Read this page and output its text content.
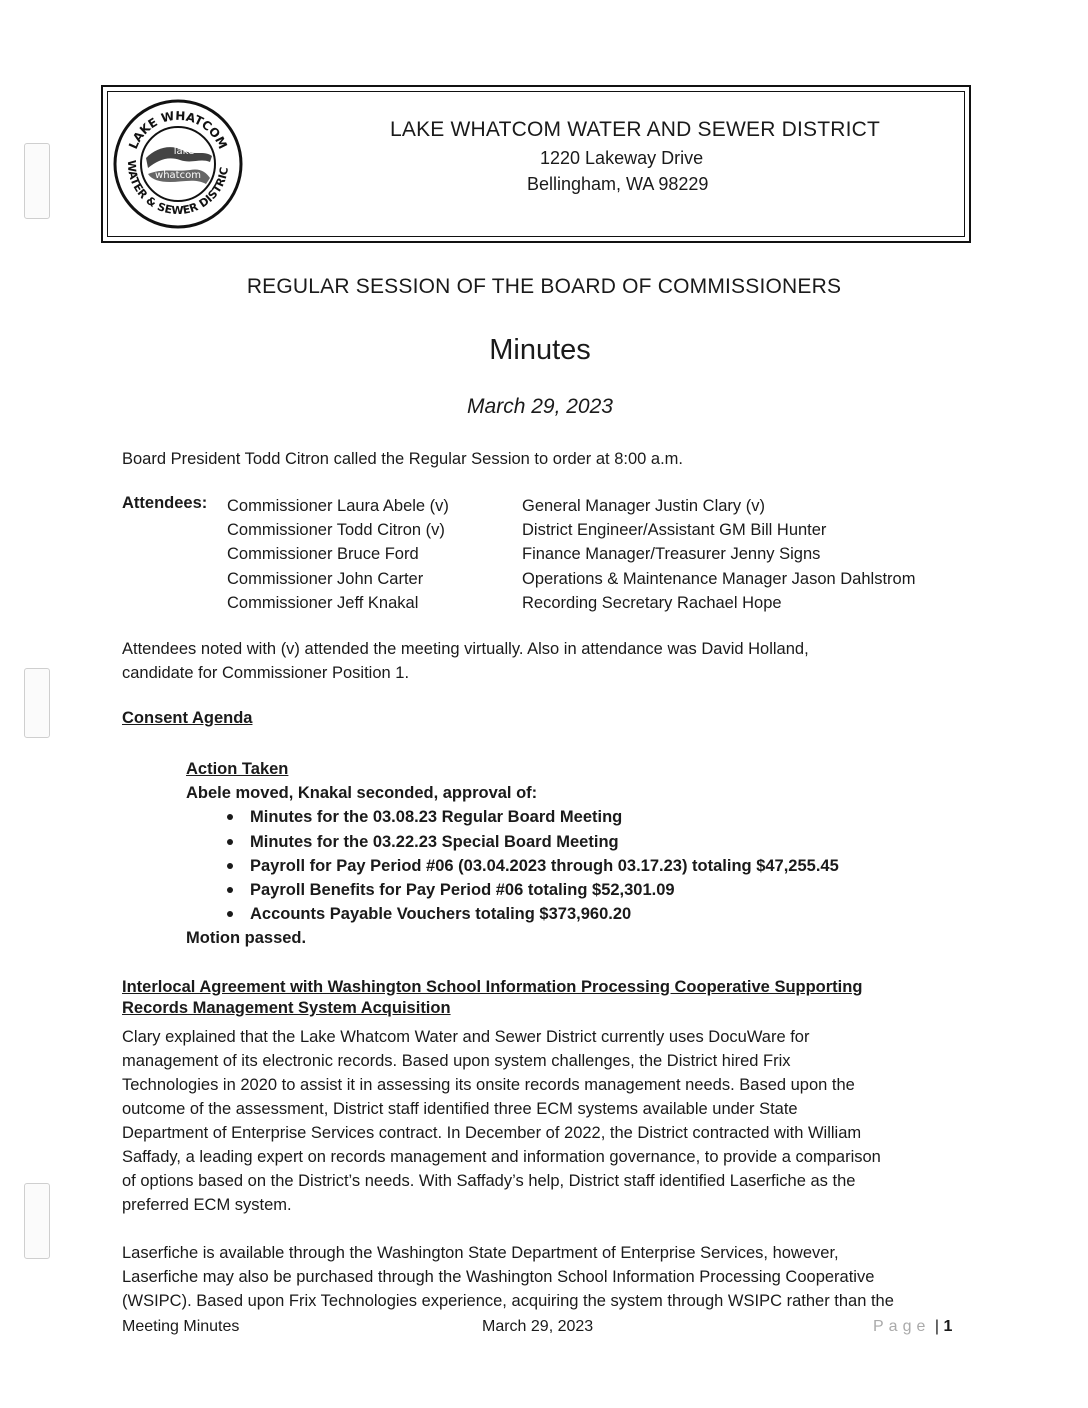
LAKE WHATCOM
WATER & SEWER DISTRIC
lake
whatcom
LAKE WHATCOM WATER AND SEWER DISTRICT
1220 Lakeway Drive
Bellingham, WA 98229
REGULAR SESSION OF THE BOARD OF COMMISSIONERS
Minutes
March 29, 2023
Board President Todd Citron called the Regular Session to order at 8:00 a.m.
Attendees: Commissioner Laura Abele (v)
Commissioner Todd Citron (v)
Commissioner Bruce Ford
Commissioner John Carter
Commissioner Jeff Knakal
General Manager Justin Clary (v)
District Engineer/Assistant GM Bill Hunter
Finance Manager/Treasurer Jenny Signs
Operations & Maintenance Manager Jason Dahlstrom
Recording Secretary Rachael Hope
Attendees noted with (v) attended the meeting virtually. Also in attendance was David Holland,
candidate for Commissioner Position 1.
Consent Agenda
Action Taken
Abele moved, Knakal seconded, approval of:
Minutes for the 03.08.23 Regular Board Meeting
Minutes for the 03.22.23 Special Board Meeting
Payroll for Pay Period #06 (03.04.2023 through 03.17.23) totaling $47,255.45
Payroll Benefits for Pay Period #06 totaling $52,301.09
Accounts Payable Vouchers totaling $373,960.20
Motion passed.
Interlocal Agreement with Washington School Information Processing Cooperative Supporting
Records Management System Acquisition

Clary explained that the Lake Whatcom Water and Sewer District currently uses DocuWare for

management of its electronic records. Based upon system challenges, the District hired Frix

Technologies in 2020 to assist it in assessing its onsite records management needs. Based upon the

outcome of the assessment, District staff identified three ECM systems available under State

Department of Enterprise Services contract. In December of 2022, the District contracted with William

Saffady, a leading expert on records management and information governance, to provide a comparison

of options based on the District’s needs. With Saffady’s help, District staff identified Laserfiche as the

preferred ECM system.

Laserfiche is available through the Washington State Department of Enterprise Services, however,

Laserfiche may also be purchased through the Washington School Information Processing Cooperative

(WSIPC). Based upon Frix Technologies experience, acquiring the system through WSIPC rather than the

Meeting Minutes	March 29, 2023	Page | 1
